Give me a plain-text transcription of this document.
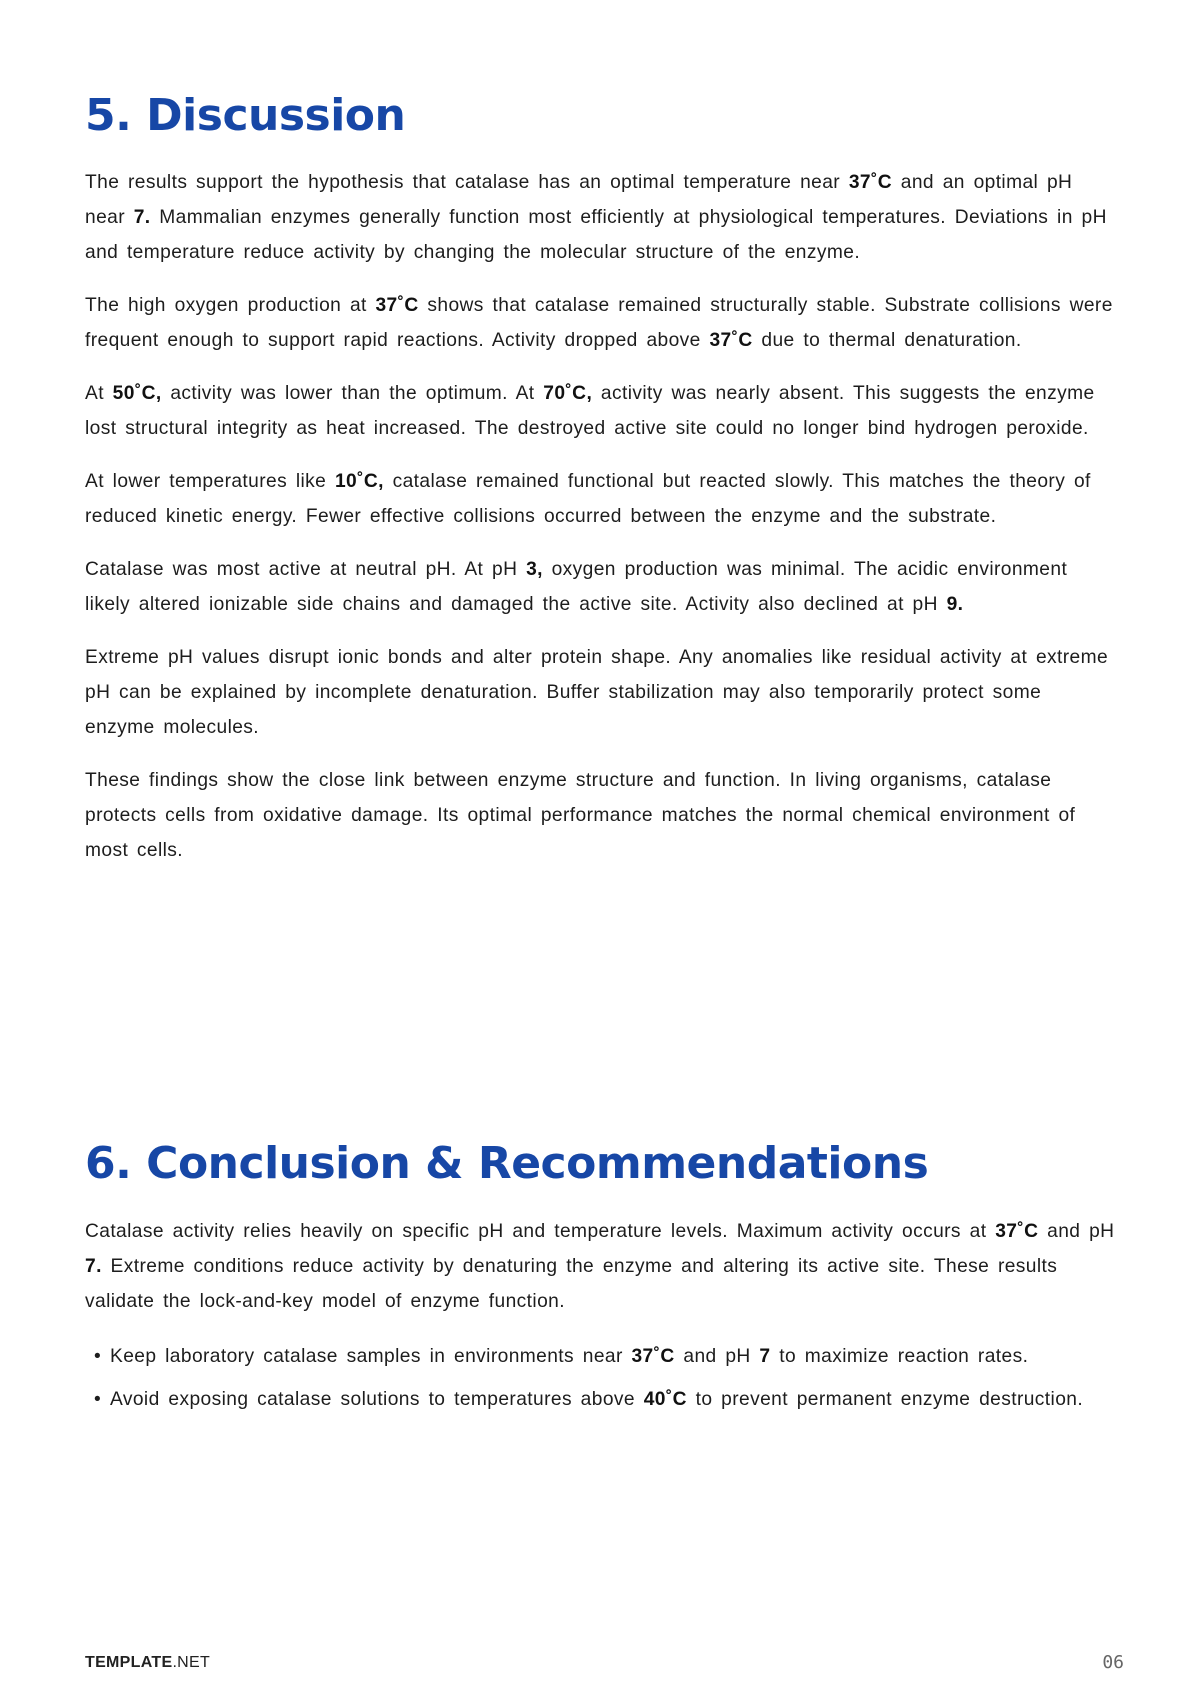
5. Discussion

The results support the hypothesis that catalase has an optimal temperature near 37˚C and an optimal pH near 7. Mammalian enzymes generally function most efficiently at physiological temperatures. Deviations in pH and temperature reduce activity by changing the molecular structure of the enzyme.

The high oxygen production at 37˚C shows that catalase remained structurally stable. Substrate collisions were frequent enough to support rapid reactions. Activity dropped above 37˚C due to thermal denaturation.

At 50˚C, activity was lower than the optimum. At 70˚C, activity was nearly absent. This suggests the enzyme lost structural integrity as heat increased. The destroyed active site could no longer bind hydrogen peroxide.

At lower temperatures like 10˚C, catalase remained functional but reacted slowly. This matches the theory of reduced kinetic energy. Fewer effective collisions occurred between the enzyme and the substrate.

Catalase was most active at neutral pH. At pH 3, oxygen production was minimal. The acidic environment likely altered ionizable side chains and damaged the active site. Activity also declined at pH 9.

Extreme pH values disrupt ionic bonds and alter protein shape. Any anomalies like residual activity at extreme pH can be explained by incomplete denaturation. Buffer stabilization may also temporarily protect some enzyme molecules.

These findings show the close link between enzyme structure and function. In living organisms, catalase protects cells from oxidative damage. Its optimal performance matches the normal chemical environment of most cells.

6. Conclusion & Recommendations

Catalase activity relies heavily on specific pH and temperature levels. Maximum activity occurs at 37˚C and pH 7. Extreme conditions reduce activity by denaturing the enzyme and altering its active site. These results validate the lock-and-key model of enzyme function.

• Keep laboratory catalase samples in environments near 37˚C and pH 7 to maximize reaction rates.
• Avoid exposing catalase solutions to temperatures above 40˚C to prevent permanent enzyme destruction.
TEMPLATE.NET	06
